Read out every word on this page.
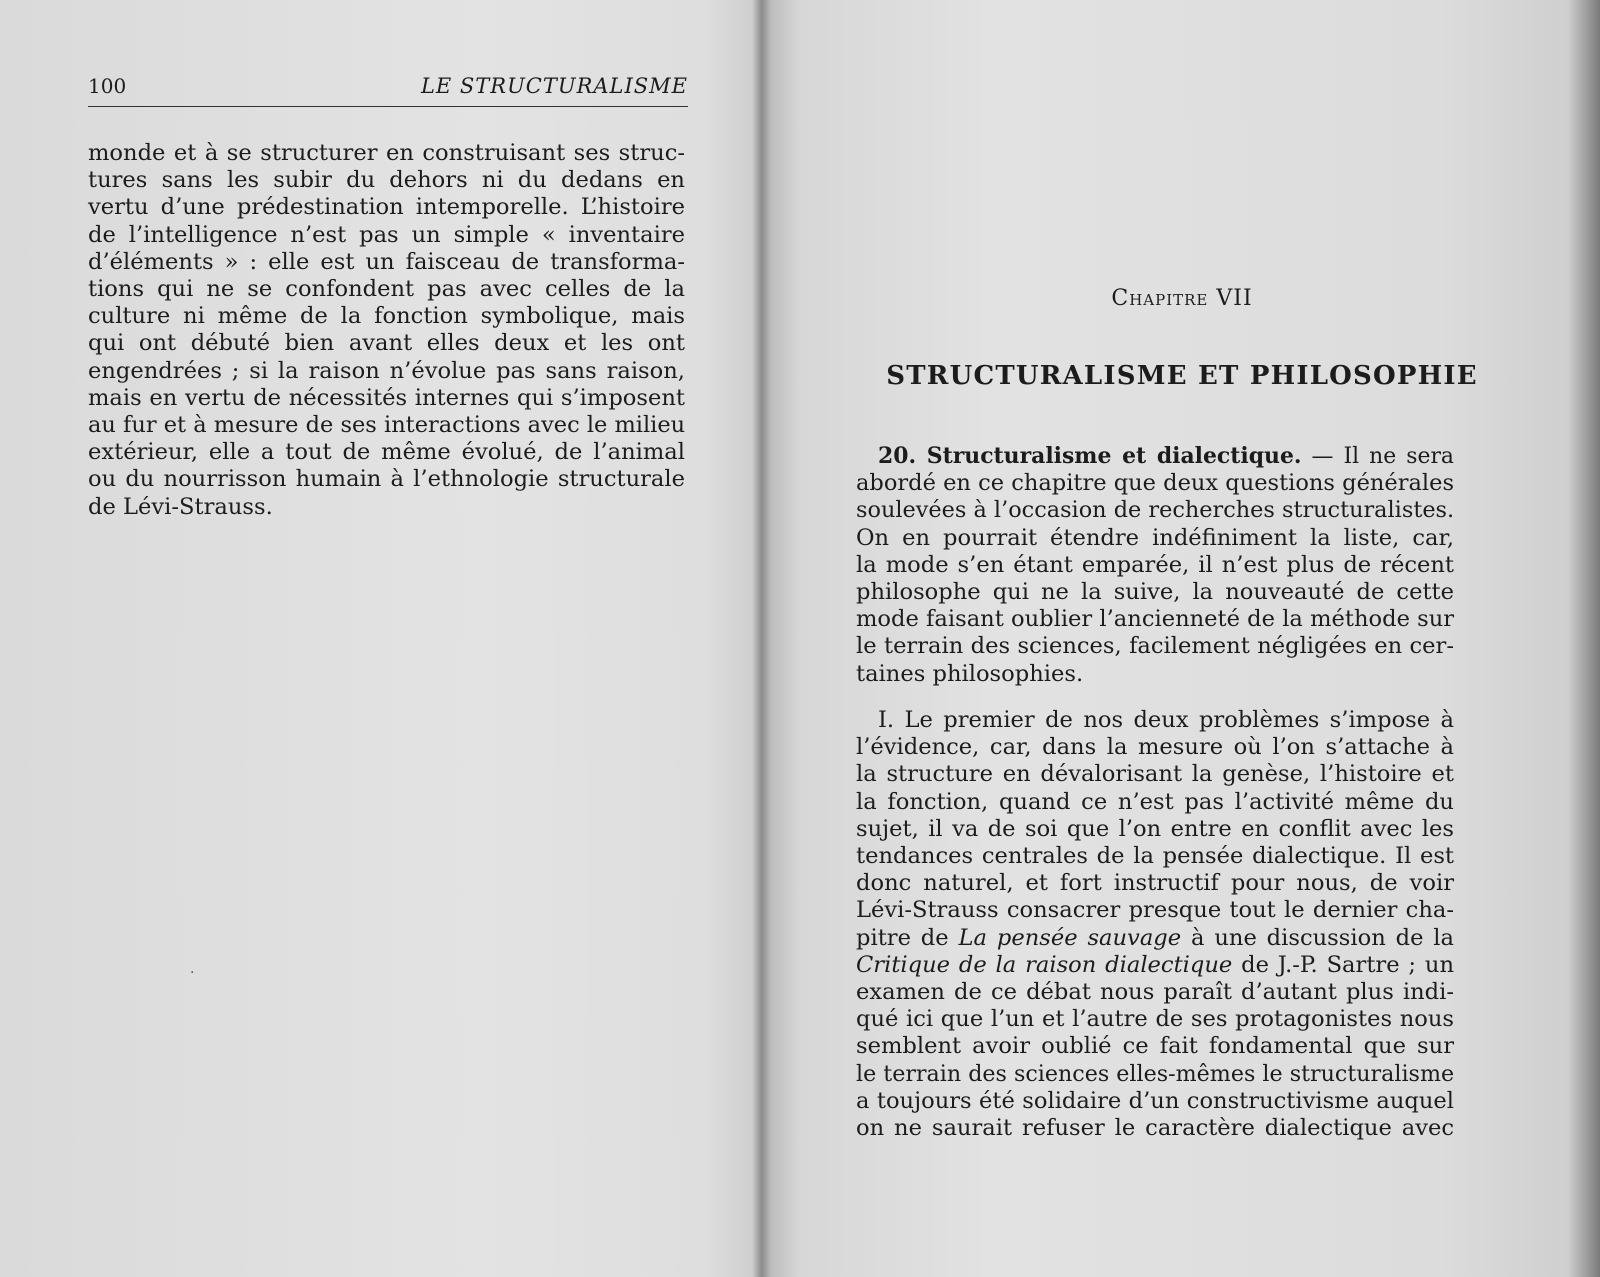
100	LE STRUCTURALISME
monde et à se structurer en construisant ses struc-
tures sans les subir du dehors ni du dedans en
vertu d’une prédestination intemporelle. L’histoire
de l’intelligence n’est pas un simple « inventaire
d’éléments » : elle est un faisceau de transforma-
tions qui ne se confondent pas avec celles de la
culture ni même de la fonction symbolique, mais
qui ont débuté bien avant elles deux et les ont
engendrées ; si la raison n’évolue pas sans raison,
mais en vertu de nécessités internes qui s’imposent
au fur et à mesure de ses interactions avec le milieu
extérieur, elle a tout de même évolué, de l’animal
ou du nourrisson humain à l’ethnologie structurale
de Lévi-Strauss.
·
Chapitre VII
STRUCTURALISME ET PHILOSOPHIE
20. Structuralisme et dialectique. — Il ne sera
abordé en ce chapitre que deux questions générales
soulevées à l’occasion de recherches structuralistes.
On en pourrait étendre indéfiniment la liste, car,
la mode s’en étant emparée, il n’est plus de récent
philosophe qui ne la suive, la nouveauté de cette
mode faisant oublier l’ancienneté de la méthode sur
le terrain des sciences, facilement négligées en cer-
taines philosophies.
I. Le premier de nos deux problèmes s’impose à
l’évidence, car, dans la mesure où l’on s’attache à
la structure en dévalorisant la genèse, l’histoire et
la fonction, quand ce n’est pas l’activité même du
sujet, il va de soi que l’on entre en conflit avec les
tendances centrales de la pensée dialectique. Il est
donc naturel, et fort instructif pour nous, de voir
Lévi-Strauss consacrer presque tout le dernier cha-
pitre de La pensée sauvage à une discussion de la
Critique de la raison dialectique de J.-P. Sartre ; un
examen de ce débat nous paraît d’autant plus indi-
qué ici que l’un et l’autre de ses protagonistes nous
semblent avoir oublié ce fait fondamental que sur
le terrain des sciences elles-mêmes le structuralisme
a toujours été solidaire d’un constructivisme auquel
on ne saurait refuser le caractère dialectique avec
